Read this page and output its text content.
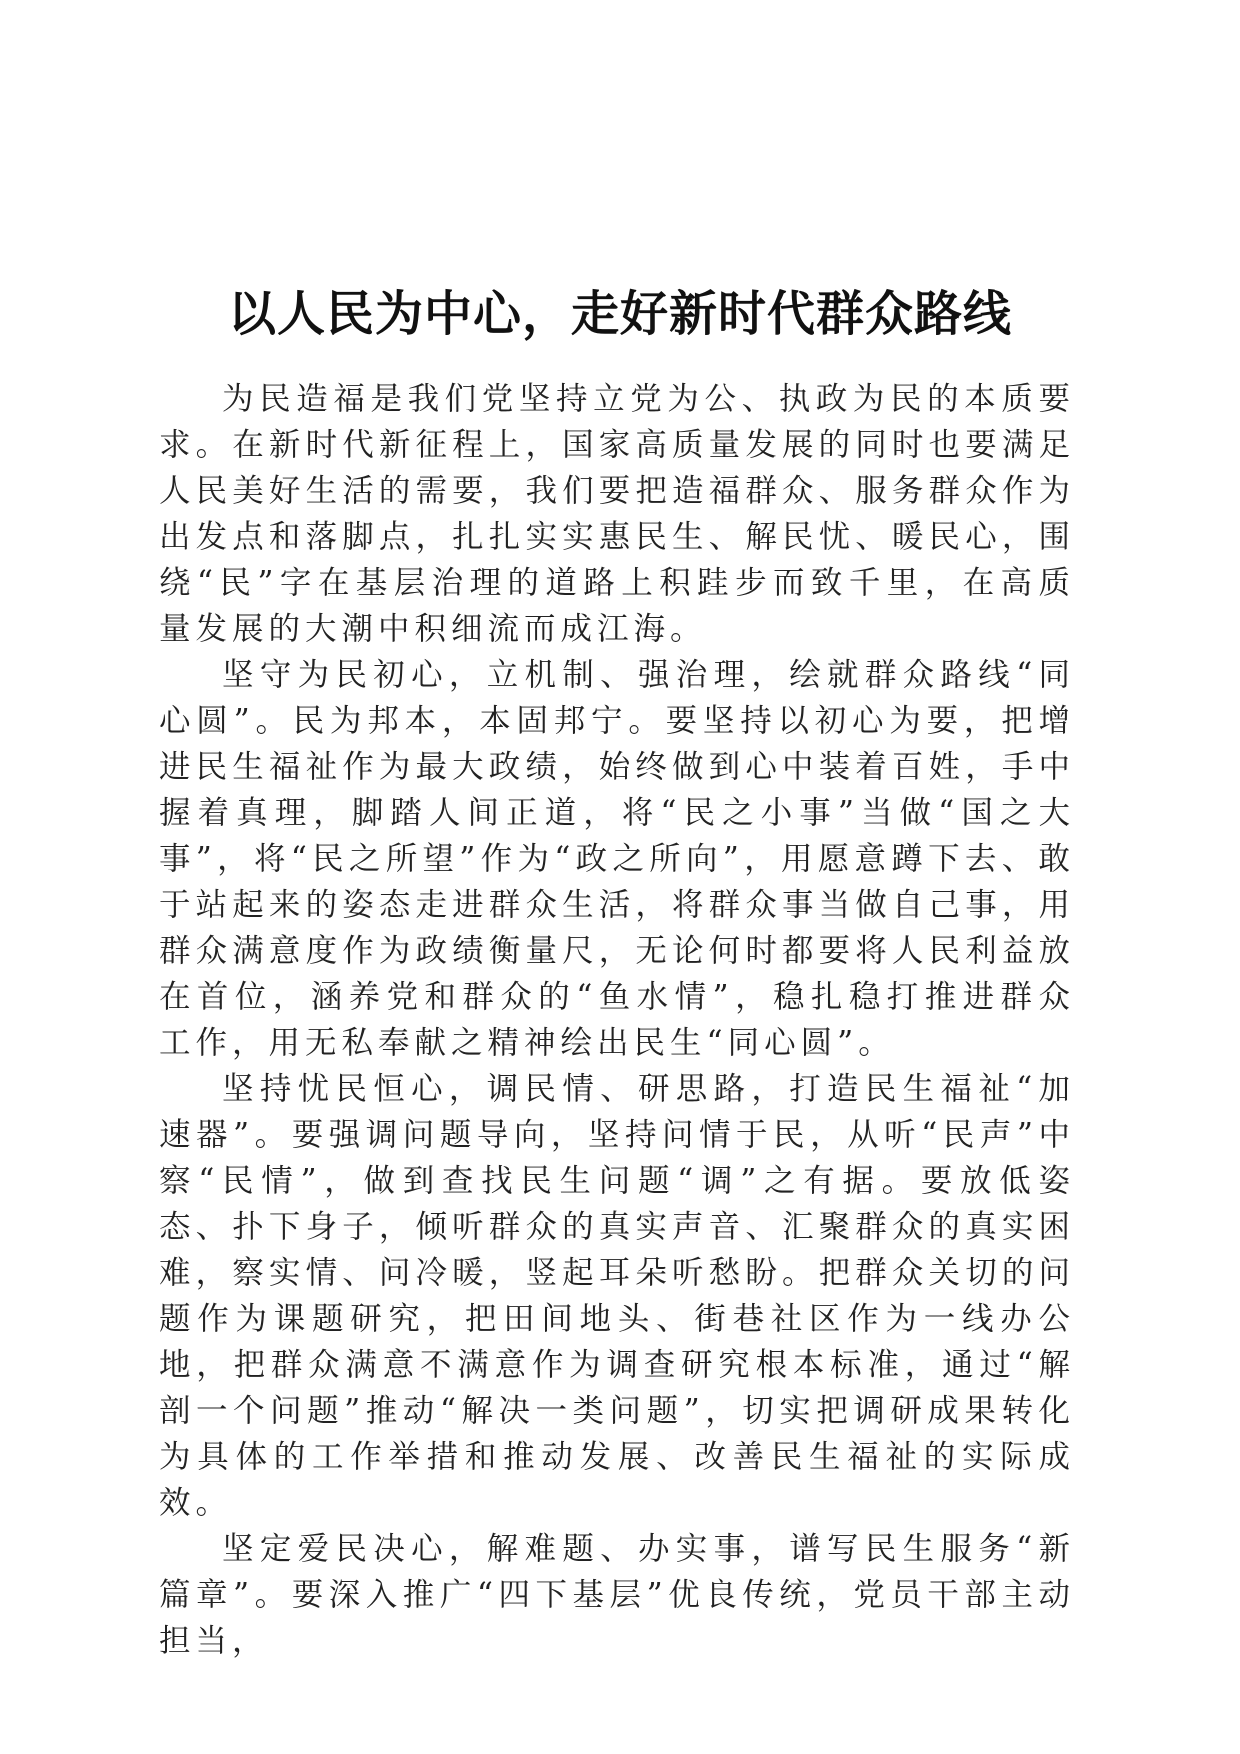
以人民为中心，走好新时代群众路线

为民造福是我们党坚持立党为公、执政为民的本质要求。在新时代新征程上，国家高质量发展的同时也要满足人民美好生活的需要，我们要把造福群众、服务群众作为出发点和落脚点，扎扎实实惠民生、解民忧、暖民心，围绕“民”字在基层治理的道路上积跬步而致千里，在高质量发展的大潮中积细流而成江海。

坚守为民初心，立机制、强治理，绘就群众路线“同心圆”。民为邦本，本固邦宁。要坚持以初心为要，把增进民生福祉作为最大政绩，始终做到心中装着百姓，手中握着真理，脚踏人间正道，将“民之小事”当做“国之大事”，将“民之所望”作为“政之所向”，用愿意蹲下去、敢于站起来的姿态走进群众生活，将群众事当做自己事，用群众满意度作为政绩衡量尺，无论何时都要将人民利益放在首位，涵养党和群众的“鱼水情”，稳扎稳打推进群众工作，用无私奉献之精神绘出民生“同心圆”。

坚持忧民恒心，调民情、研思路，打造民生福祉“加速器”。要强调问题导向，坚持问情于民，从听“民声”中察“民情”，做到查找民生问题“调”之有据。要放低姿态、扑下身子，倾听群众的真实声音、汇聚群众的真实困难，察实情、问冷暖，竖起耳朵听愁盼。把群众关切的问题作为课题研究，把田间地头、街巷社区作为一线办公地，把群众满意不满意作为调查研究根本标准，通过“解剖一个问题”推动“解决一类问题”，切实把调研成果转化为具体的工作举措和推动发展、改善民生福祉的实际成效。

坚定爱民决心，解难题、办实事，谱写民生服务“新篇章”。要深入推广“四下基层”优良传统，党员干部主动担当，
